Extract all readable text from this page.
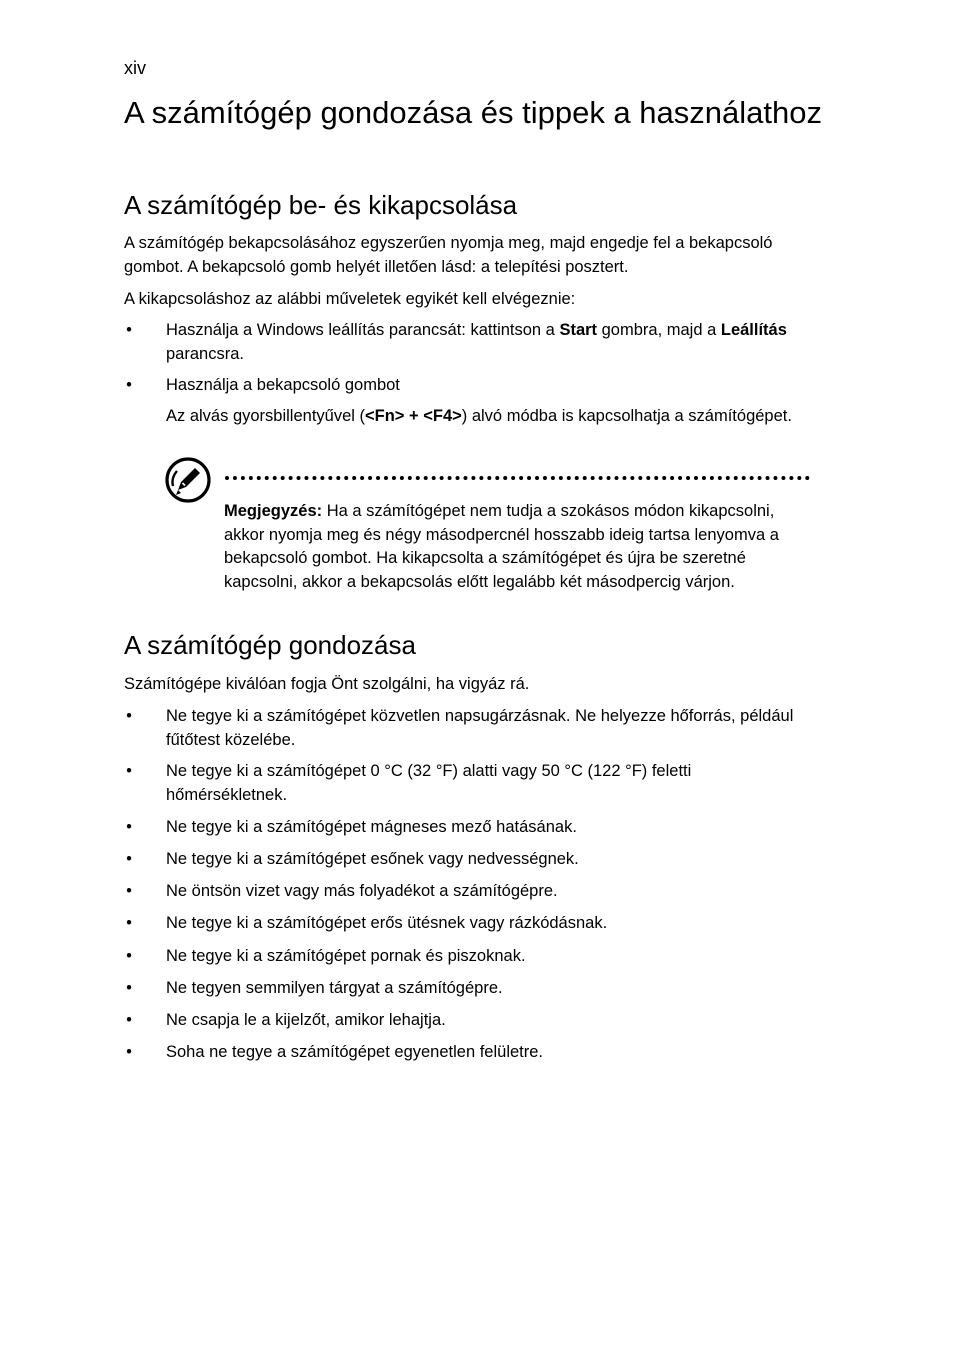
xiv
A számítógép gondozása és tippek a használathoz
A számítógép be- és kikapcsolása

A számítógép bekapcsolásához egyszerűen nyomja meg, majd engedje fel a bekapcsoló gombot. A bekapcsoló gomb helyét illetően lásd: a telepítési posztert.

A kikapcsoláshoz az alábbi műveletek egyikét kell elvégeznie:

• Használja a Windows leállítás parancsát: kattintson a Start gombra, majd a Leállítás parancsra.
• Használja a bekapcsoló gombot

Az alvás gyorsbillentyűvel (<Fn> + <F4>) alvó módba is kapcsolhatja a számítógépet.

Megjegyzés: Ha a számítógépet nem tudja a szokásos módon kikapcsolni, akkor nyomja meg és négy másodpercnél hosszabb ideig tartsa lenyomva a bekapcsoló gombot. Ha kikapcsolta a számítógépet és újra be szeretné kapcsolni, akkor a bekapcsolás előtt legalább két másodpercig várjon.

A számítógép gondozása

Számítógépe kiválóan fogja Önt szolgálni, ha vigyáz rá.

• Ne tegye ki a számítógépet közvetlen napsugárzásnak. Ne helyezze hőforrás, például fűtőtest közelébe.
• Ne tegye ki a számítógépet 0 °C (32 °F) alatti vagy 50 °C (122 °F) feletti hőmérsékletnek.
• Ne tegye ki a számítógépet mágneses mező hatásának.
• Ne tegye ki a számítógépet esőnek vagy nedvességnek.
• Ne öntsön vizet vagy más folyadékot a számítógépre.
• Ne tegye ki a számítógépet erős ütésnek vagy rázkódásnak.
• Ne tegye ki a számítógépet pornak és piszoknak.
• Ne tegyen semmilyen tárgyat a számítógépre.
• Ne csapja le a kijelzőt, amikor lehajtja.
• Soha ne tegye a számítógépet egyenetlen felületre.
